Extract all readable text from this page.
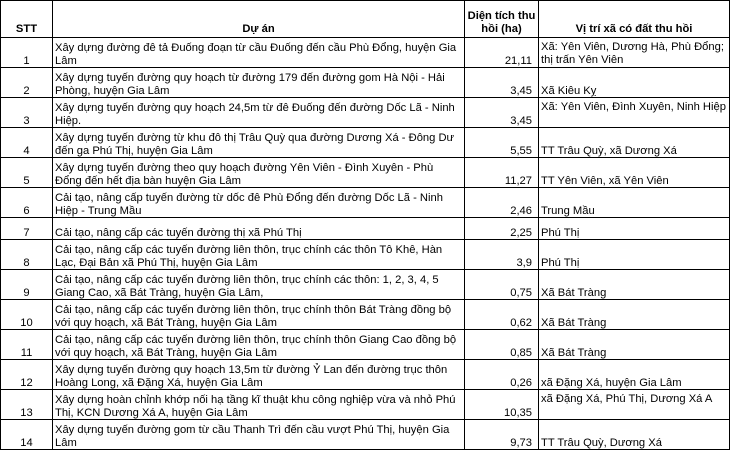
STT	Dự án	Diện tích thu hồi (ha)	Vị trí xã có đất thu hồi
1	Xây dựng đường đê tả Đuống đoạn từ cầu Đuống đến cầu Phù Đổng, huyện Gia Lâm	21,11	Xã: Yên Viên, Dương Hà, Phù Đổng; thị trấn Yên Viên
2	Xây dựng tuyến đường quy hoạch từ đường 179 đến đường gom Hà Nội - Hải Phòng, huyện Gia Lâm	3,45	Xã Kiêu Kỵ
3	Xây dựng tuyến đường quy hoạch 24,5m từ đê Đuống đến đường Dốc Lã - Ninh Hiệp.	3,45	Xã: Yên Viên, Đình Xuyên, Ninh Hiệp
4	Xây dựng tuyến đường từ khu đô thị Trâu Quỳ qua đường Dương Xá - Đông Dư đến ga Phú Thị, huyện Gia Lâm	5,55	TT Trâu Quỳ, xã Dương Xá
5	Xây dựng tuyến đường theo quy hoạch đường Yên Viên - Đình Xuyên - Phù Đổng đến hết địa bàn huyện Gia Lâm	11,27	TT Yên Viên, xã Yên Viên
6	Cải tạo, nâng cấp tuyến đường từ dốc đê Phù Đổng đến đường Dốc Lã - Ninh Hiệp - Trung Mầu	2,46	Trung Mầu
7	Cải tạo, nâng cấp các tuyến đường thị xã Phú Thị	2,25	Phú Thị
8	Cải tạo, nâng cấp các tuyến đường liên thôn, trục chính các thôn Tô Khê, Hàn Lạc, Đại Bản xã Phú Thị, huyện Gia Lâm	3,9	Phú Thị
9	Cải tạo, nâng cấp các tuyến đường liên thôn, trục chính các thôn: 1, 2, 3, 4, 5 Giang Cao, xã Bát Tràng, huyện Gia Lâm,	0,75	Xã Bát Tràng
10	Cải tạo, nâng cấp các tuyến đường liên thôn, trục chính thôn Bát Tràng đồng bộ với quy hoạch, xã Bát Tràng, huyện Gia Lâm	0,62	Xã Bát Tràng
11	Cải tạo, nâng cấp các tuyến đường liên thôn, trục chính thôn Giang Cao đồng bộ với quy hoạch, xã Bát Tràng, huyện Gia Lâm	0,85	Xã Bát Tràng
12	Xây dựng tuyến đường quy hoạch 13,5m từ đường Ỷ Lan đến đường trục thôn Hoàng Long, xã Đặng Xá, huyện Gia Lâm	0,26	xã Đặng Xá, huyện Gia Lâm
13	Xây dựng hoàn chỉnh khớp nối hạ tầng kĩ thuật khu công nghiệp vừa và nhỏ Phú Thị, KCN Dương Xá A, huyện Gia Lâm	10,35	xã Đặng Xá, Phú Thị, Dương Xá A
14	Xây dựng tuyến đường gom từ cầu Thanh Trì đến cầu vượt Phú Thị, huyện Gia Lâm	9,73	TT Trâu Quỳ, Dương Xá
